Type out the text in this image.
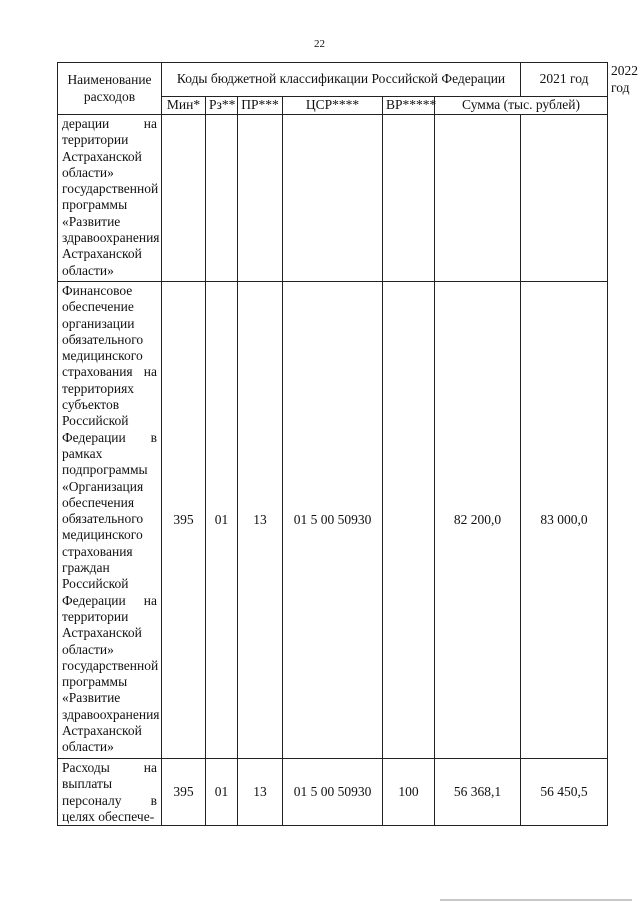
22
Наименование расходов	Коды бюджетной классификации Российской Федерации						2021 год	2022 год
	Мин*	Рз**	ПР***	ЦСР****	ВР*****	Сумма (тыс. рублей)		
дерации на территории Астраханской области» государственной программы «Развитие здравоохранения Астраханской области»								
Финансовое обеспечение организации обязательного медицинского страхования на территориях субъектов Российской Федерации в рамках подпрограммы «Организация обеспечения обязательного медицинского страхования граждан Российской Федерации на территории Астраханской области» государственной программы «Развитие здравоохранения Астраханской области»	395	01	13	01 5 00 50930		82 200,0	83 000,0	
Расходы на выплаты персоналу в целях обеспече-	395	01	13	01 5 00 50930	100	56 368,1	56 450,5	
